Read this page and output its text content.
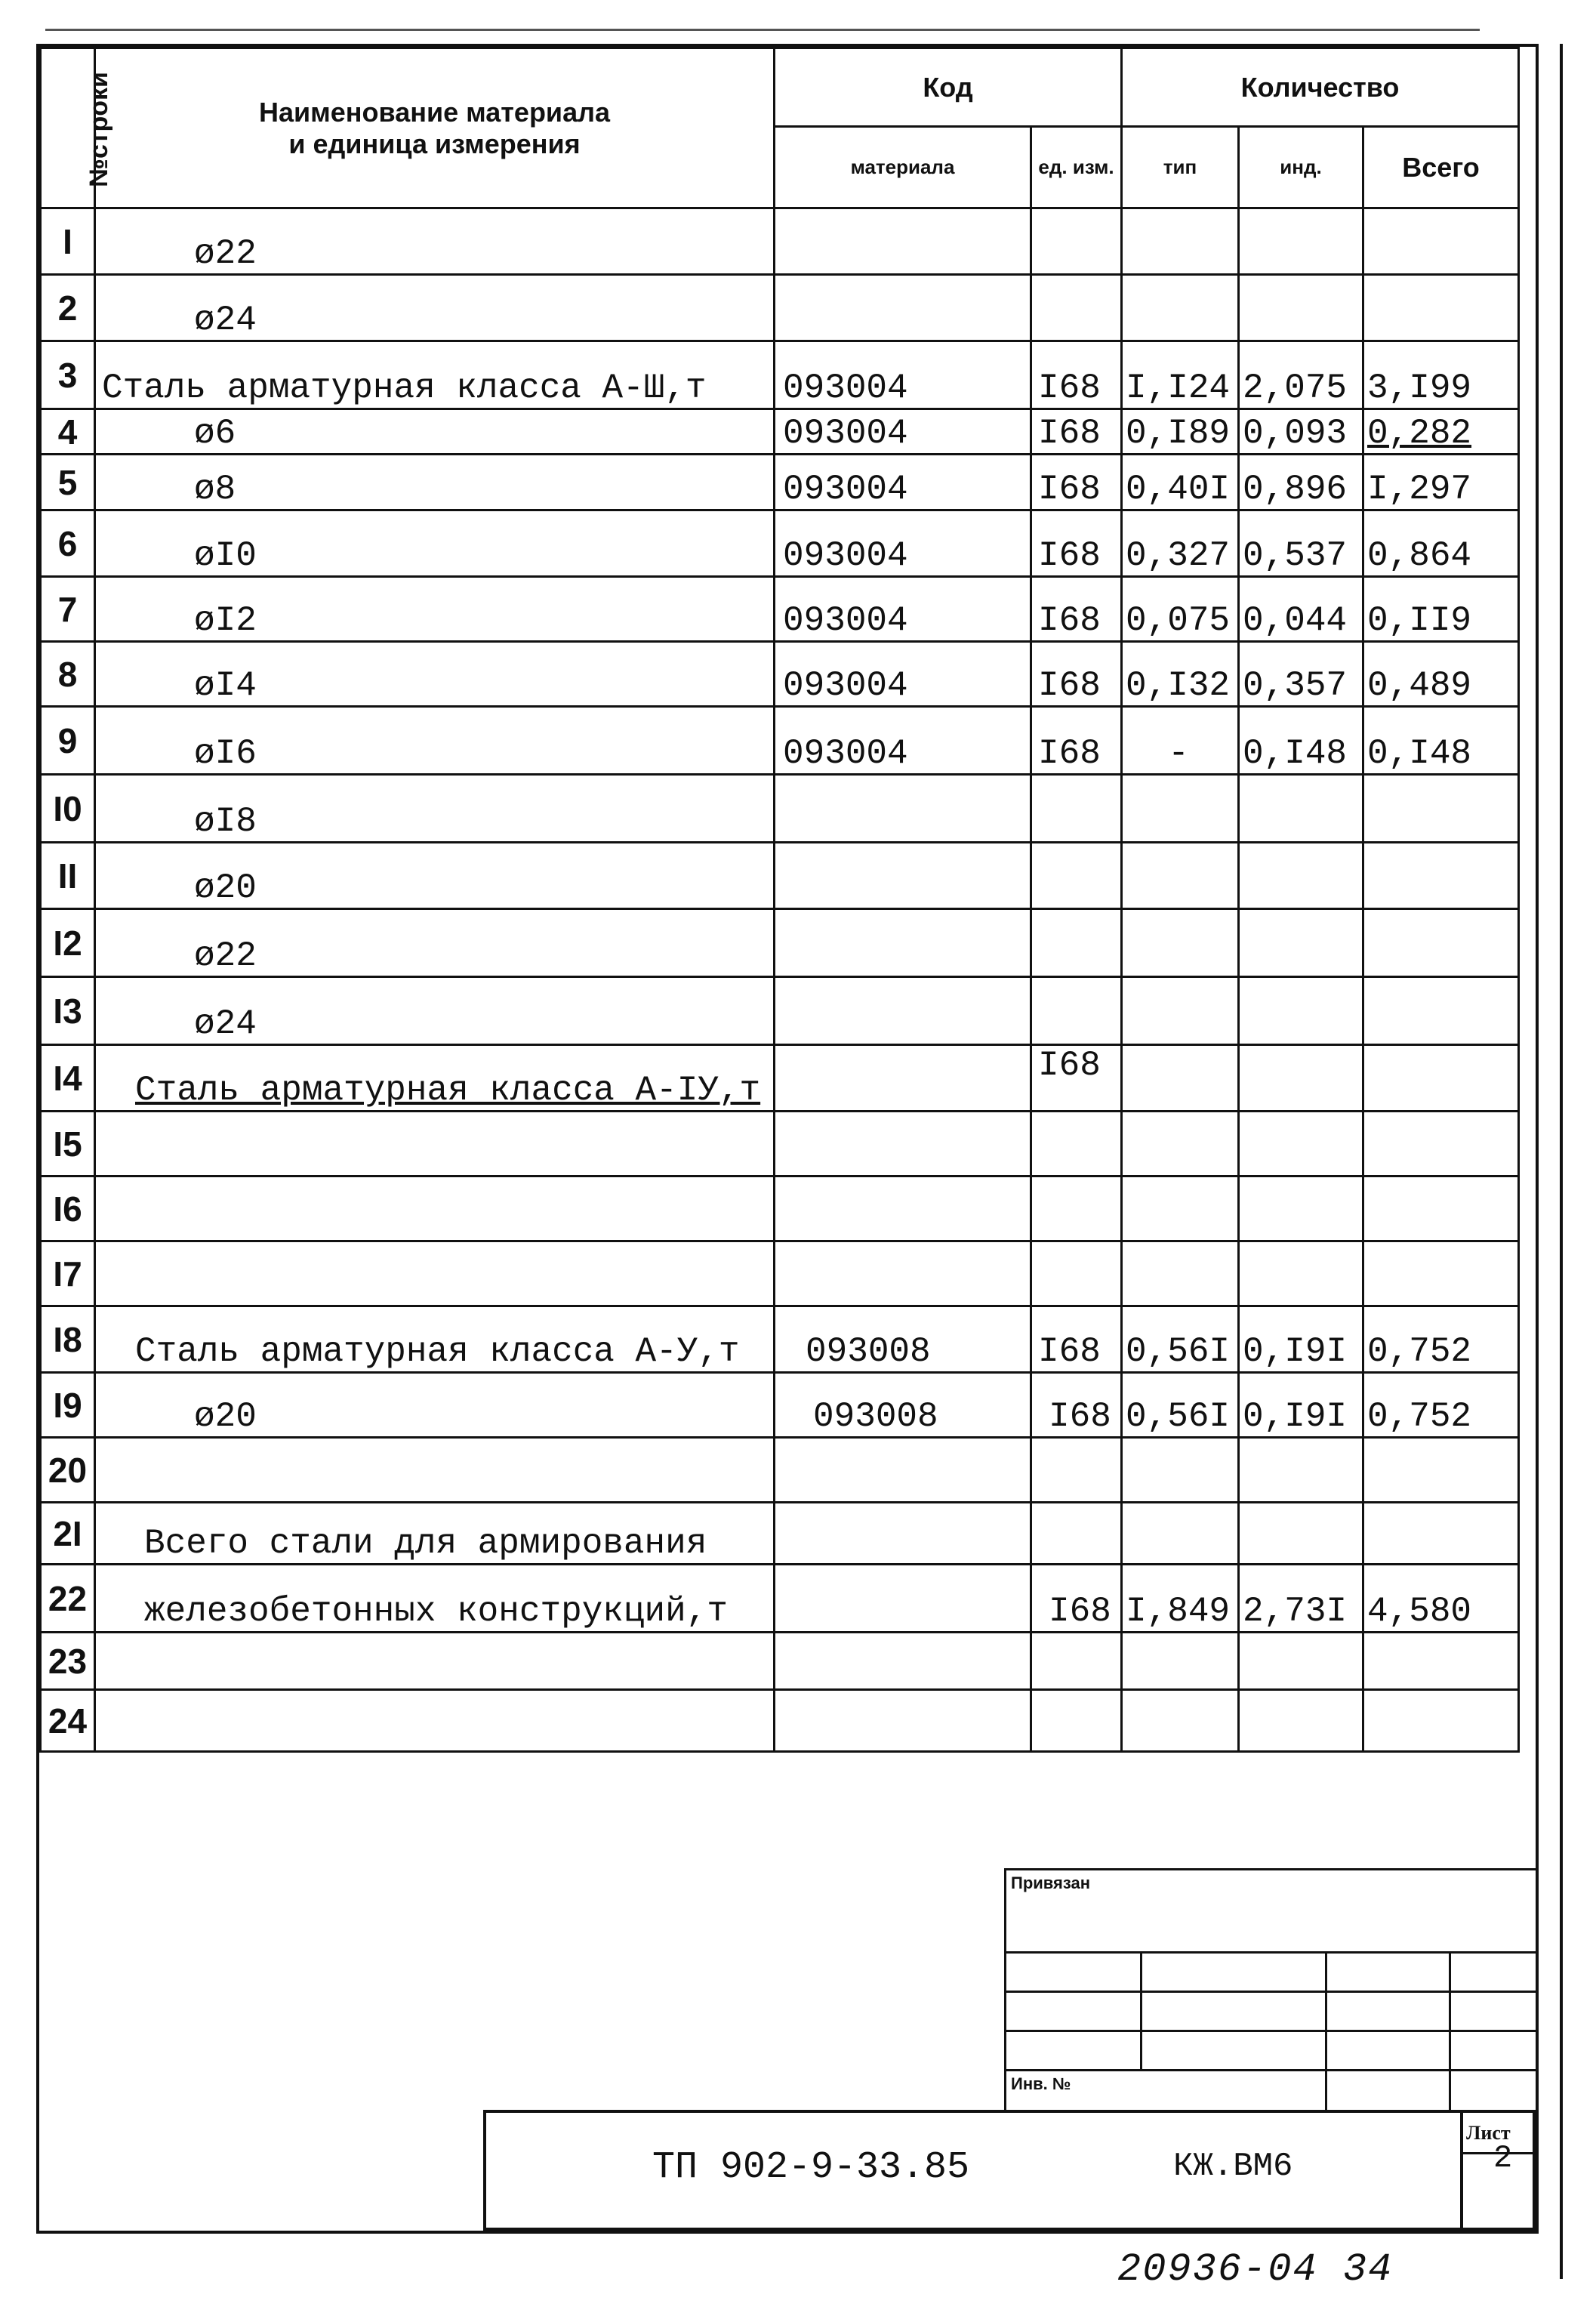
№строки	Наименование материала
и единица измерения	Код		Количество		
		материала	ед. изм.	тип	инд.	Всего
I	ø22					
2	ø24					
3	Сталь арматурная класса А-Ш,т	093004	I68	I,I24	2,075	3,I99
4	ø6	093004	I68	0,I89	0,093	0,282
5	ø8	093004	I68	0,40I	0,896	I,297
6	øI0	093004	I68	0,327	0,537	0,864
7	øI2	093004	I68	0,075	0,044	0,II9
8	øI4	093004	I68	0,I32	0,357	0,489
9	øI6	093004	I68	-	0,I48	0,I48
I0	øI8					
II	ø20					
I2	ø22					
I3	ø24					
I4	Сталь арматурная класса А-IУ,т		I68			
I5						
I6						
I7						
I8	Сталь арматурная класса А-У,т	093008	I68	0,56I	0,I9I	0,752
I9	ø20	093008	I68	0,56I	0,I9I	0,752
20						
2I	Всего стали для армирования					
22	железобетонных конструкций,т		I68	I,849	2,73I	4,580
23						
24						
Привязан			

Инв. №			
ТП 902-9-33.85	КЖ.ВМ6
Лист
2
20936-04 34
